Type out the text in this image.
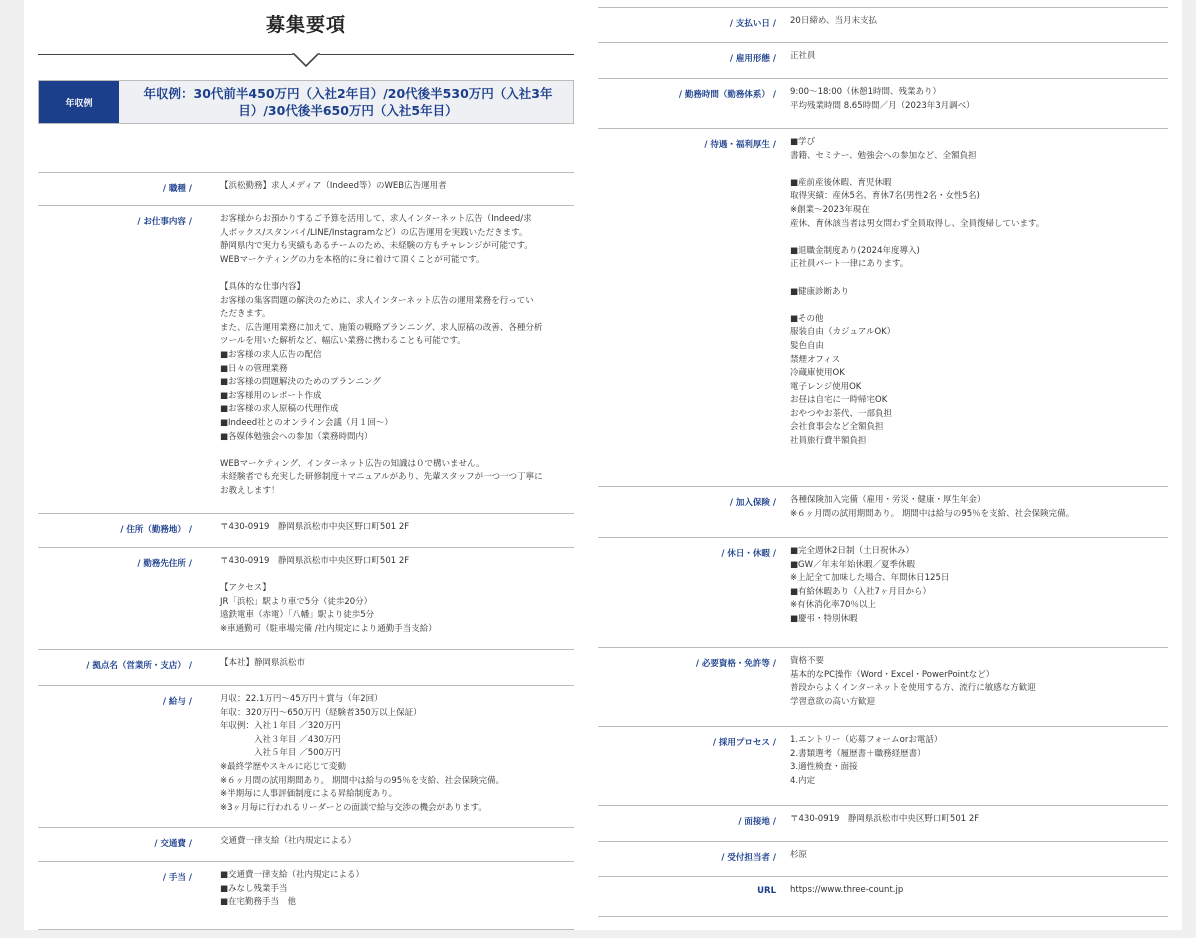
募集要項
年収例
年収例：30代前半450万円（入社2年目）/20代後半530万円（入社3年目）/30代後半650万円（入社5年目）
/ 職種 /	【浜松勤務】求人メディア（Indeed等）のWEB広告運用者
/ お仕事内容 /	お客様からお預かりするご予算を活用して、求人インターネット広告（Indeed/求
人ボックス/スタンバイ/LINE/Instagramなど）の広告運用を実践いただきます。
静岡県内で実力も実績もあるチームのため、未経験の方もチャレンジが可能です。
WEBマーケティングの力を本格的に身に着けて頂くことが可能です。

【具体的な仕事内容】
お客様の集客問題の解決のために、求人インターネット広告の運用業務を行ってい
ただきます。
また、広告運用業務に加えて、施策の戦略プランニング、求人原稿の改善、各種分析
ツールを用いた解析など、幅広い業務に携わることも可能です。
■お客様の求人広告の配信
■日々の管理業務
■お客様の問題解決のためのプランニング
■お客様用のレポート作成
■お客様の求人原稿の代理作成
■Indeed社とのオンライン会議（月１回〜）
■各媒体勉強会への参加（業務時間内）

WEBマーケティング、インターネット広告の知識は０で構いません。
未経験者でも充実した研修制度＋マニュアルがあり、先輩スタッフが一つ一つ丁寧に
お教えします！
/ 住所（勤務地） /	〒430-0919　静岡県浜松市中央区野口町501 2F
/ 勤務先住所 /	〒430-0919　静岡県浜松市中央区野口町501 2F

【アクセス】
JR「浜松」駅より車で5分（徒歩20分）
遠鉄電車（赤電）「八幡」駅より徒歩5分
※車通勤可（駐車場完備 /社内規定により通勤手当支給）
/ 拠点名（営業所・支店） /	【本社】静岡県浜松市
/ 給与 /	月収：22.1万円〜45万円＋賞与（年2回）
年収：320万円〜650万円（経験者350万以上保証）
年収例：入社１年目 ／320万円
　　　　入社３年目 ／430万円
　　　　入社５年目 ／500万円
※最終学歴やスキルに応じて変動
※６ヶ月間の試用期間あり。 期間中は給与の95％を支給、社会保険完備。
※半期毎に人事評価制度による昇給制度あり。
※3ヶ月毎に行われるリーダーとの面談で給与交渉の機会があります。
/ 交通費 /	交通費一律支給（社内規定による）
/ 手当 /	■交通費一律支給（社内規定による）
■みなし残業手当
■在宅勤務手当　他
/ 支払い日 /	20日締め、当月末支払
/ 雇用形態 /	正社員
/ 勤務時間（勤務体系） /	9:00〜18:00（休憩1時間、残業あり）
平均残業時間 8.65時間／月（2023年3月調べ）
/ 待遇・福利厚生 /	■学び
書籍、セミナー、勉強会への参加など、全額負担

■産前産後休暇、育児休暇
取得実績：産休5名、育休7名(男性2名・女性5名)
※創業〜2023年現在
産休、育休該当者は男女問わず全員取得し、全員復帰しています。

■退職金制度あり(2024年度導入)
正社員パート一律にあります。

■健康診断あり

■その他
服装自由（カジュアルOK）
髪色自由
禁煙オフィス
冷蔵庫使用OK
電子レンジ使用OK
お昼は自宅に一時帰宅OK
おやつやお茶代、一部負担
会社食事会など全額負担
社員旅行費半額負担
/ 加入保険 /	各種保険加入完備（雇用・労災・健康・厚生年金）
※６ヶ月間の試用期間あり。 期間中は給与の95％を支給、社会保険完備。
/ 休日・休暇 /	■完全週休2日制（土日祝休み）
■GW／年末年始休暇／夏季休暇
※上記全て加味した場合、年間休日125日
■有給休暇あり（入社7ヶ月目から）
※有休消化率70％以上
■慶弔・特別休暇
/ 必要資格・免許等 /	資格不要
基本的なPC操作（Word・Excel・PowerPointなど）
普段からよくインターネットを使用する方、流行に敏感な方歓迎
学習意欲の高い方歓迎
/ 採用プロセス /	1.エントリー（応募フォームorお電話）
2.書類選考（履歴書＋職務経歴書）
3.適性検査・面接
4.内定
/ 面接地 /	〒430-0919　静岡県浜松市中央区野口町501 2F
/ 受付担当者 /	杉原
URL	https://www.three-count.jp
